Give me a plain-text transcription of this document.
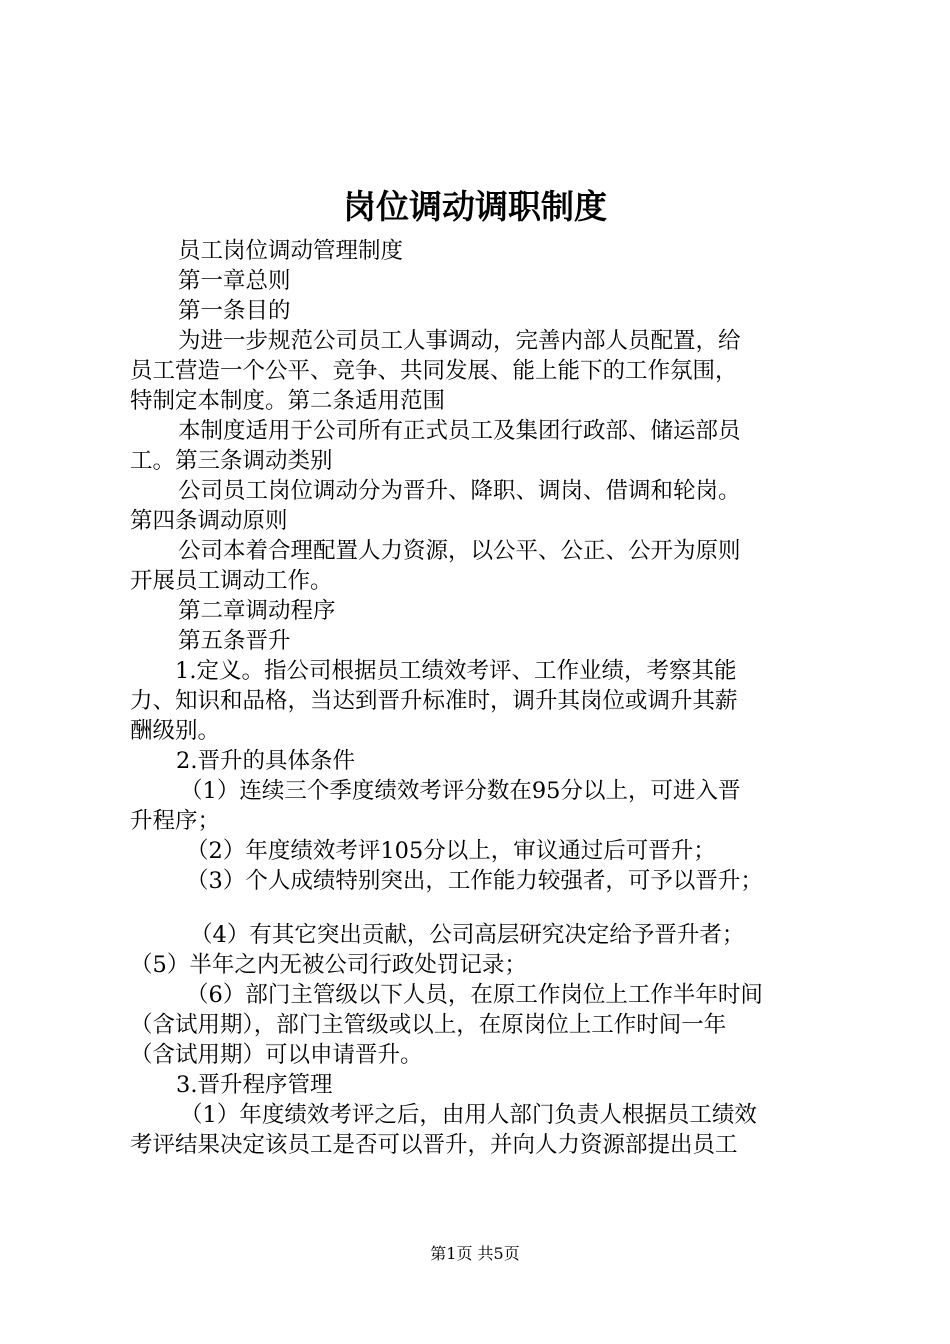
岗位调动调职制度
员工岗位调动管理制度
第一章总则
第一条目的
为进一步规范公司员工人事调动，完善内部人员配置，给
员工营造一个公平、竞争、共同发展、能上能下的工作氛围，
特制定本制度。第二条适用范围
本制度适用于公司所有正式员工及集团行政部、储运部员
工。第三条调动类别
公司员工岗位调动分为晋升、降职、调岗、借调和轮岗。
第四条调动原则
公司本着合理配置人力资源，以公平、公正、公开为原则
开展员工调动工作。
第二章调动程序
第五条晋升
1.定义。指公司根据员工绩效考评、工作业绩，考察其能
力、知识和品格，当达到晋升标准时，调升其岗位或调升其薪
酬级别。
2.晋升的具体条件
（1）连续三个季度绩效考评分数在95分以上，可进入晋
升程序；
（2）年度绩效考评105分以上，审议通过后可晋升；
（3）个人成绩特别突出，工作能力较强者，可予以晋升；
（4）有其它突出贡献，公司高层研究决定给予晋升者；
（5）半年之内无被公司行政处罚记录；
（6）部门主管级以下人员，在原工作岗位上工作半年时间
（含试用期），部门主管级或以上，在原岗位上工作时间一年
（含试用期）可以申请晋升。
3.晋升程序管理
（1）年度绩效考评之后，由用人部门负责人根据员工绩效
考评结果决定该员工是否可以晋升，并向人力资源部提出员工
第1页 共5页
